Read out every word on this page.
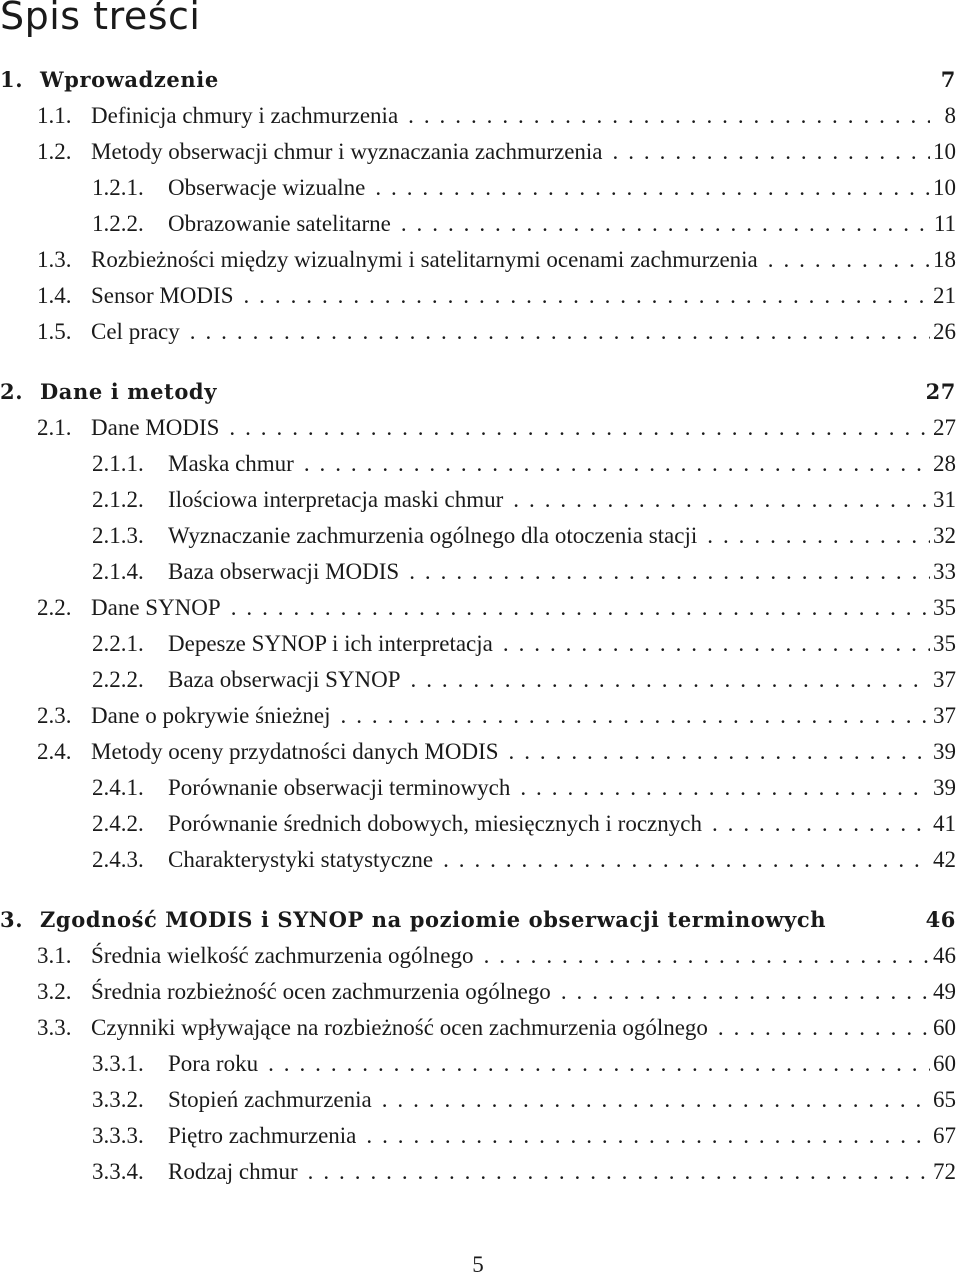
Spis treści
1. Wprowadzenie	7
1.1. Definicja chmury i zachmurzenia . . .	8
1.2. Metody obserwacji chmur i wyznaczania zachmurzenia . . .	10
1.2.1.	Obserwacje wizualne . . .	10
1.2.2.	Obrazowanie satelitarne . . .	11
1.3. Rozbieżności między wizualnymi i satelitarnymi ocenami zachmurzenia . . .	18
1.4. Sensor MODIS . . .	21
1.5. Cel pracy . . .	26
2. Dane i metody	27
2.1. Dane MODIS . . .	27
2.1.1.	Maska chmur . . .	28
2.1.2.	Ilościowa interpretacja maski chmur . . .	31
2.1.3.	Wyznaczanie zachmurzenia ogólnego dla otoczenia stacji . . .	32
2.1.4.	Baza obserwacji MODIS . . .	33
2.2. Dane SYNOP . . .	35
2.2.1.	Depesze SYNOP i ich interpretacja . . .	35
2.2.2.	Baza obserwacji SYNOP . . .	37
2.3. Dane o pokrywie śnieżnej . . .	37
2.4. Metody oceny przydatności danych MODIS . . .	39
2.4.1.	Porównanie obserwacji terminowych . . .	39
2.4.2.	Porównanie średnich dobowych, miesięcznych i rocznych . . .	41
2.4.3.	Charakterystyki statystyczne . . .	42
3. Zgodność MODIS i SYNOP na poziomie obserwacji terminowych	46
3.1. Średnia wielkość zachmurzenia ogólnego . . .	46
3.2. Średnia rozbieżność ocen zachmurzenia ogólnego . . .	49
3.3. Czynniki wpływające na rozbieżność ocen zachmurzenia ogólnego . . .	60
3.3.1.	Pora roku . . .	60
3.3.2.	Stopień zachmurzenia . . .	65
3.3.3.	Piętro zachmurzenia . . .	67
3.3.4.	Rodzaj chmur . . .	72
5
